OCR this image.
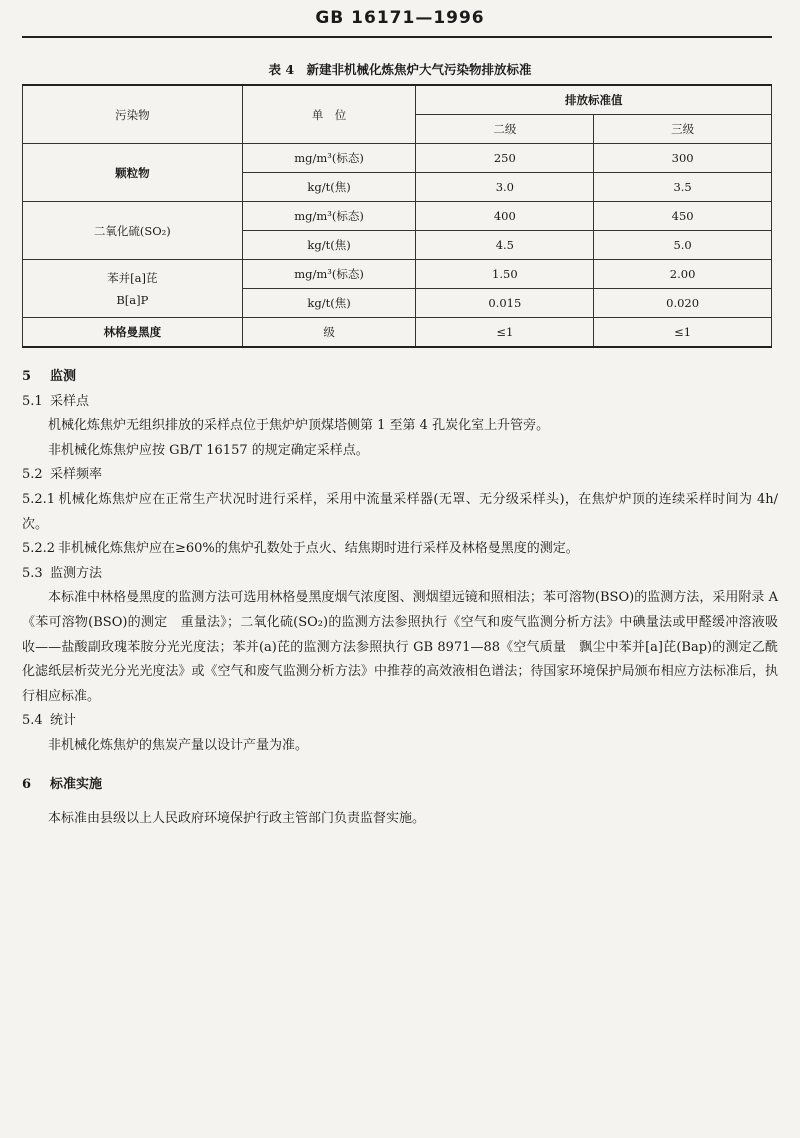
GB 16171—1996
表 4　新建非机械化炼焦炉大气污染物排放标准
污染物	单　位	排放标准值	
		二级	三级
颗粒物	mg/m³(标态)	250	300
	kg/t(焦)	3.0	3.5
二氧化硫(SO₂)	mg/m³(标态)	400	450
	kg/t(焦)	4.5	5.0
苯并[a]芘
B[a]P	mg/m³(标态)	1.50	2.00
	kg/t(焦)	0.015	0.020
林格曼黑度	级	≤1	≤1

5 监测

5.1 采样点

机械化炼焦炉无组织排放的采样点位于焦炉炉顶煤塔侧第 1 至第 4 孔炭化室上升管旁。

非机械化炼焦炉应按 GB/T 16157 的规定确定采样点。

5.2 采样频率

5.2.1 机械化炼焦炉应在正常生产状况时进行采样，采用中流量采样器(无罩、无分级采样头)，在焦炉炉顶的连续采样时间为 4h/次。

5.2.2 非机械化炼焦炉应在≥60%的焦炉孔数处于点火、结焦期时进行采样及林格曼黑度的测定。

5.3 监测方法

本标准中林格曼黑度的监测方法可选用林格曼黑度烟气浓度图、测烟望远镜和照相法；苯可溶物(BSO)的监测方法，采用附录 A《苯可溶物(BSO)的测定　重量法》；二氧化硫(SO₂)的监测方法参照执行《空气和废气监测分析方法》中碘量法或甲醛缓冲溶液吸收——盐酸副玫瑰苯胺分光光度法；苯并(a)芘的监测方法参照执行 GB 8971—88《空气质量　飘尘中苯并[a]芘(Bap)的测定乙酰化滤纸层析荧光分光光度法》或《空气和废气监测分析方法》中推荐的高效液相色谱法；待国家环境保护局颁布相应方法标准后，执行相应标准。

5.4 统计

非机械化炼焦炉的焦炭产量以设计产量为准。

6 标准实施

本标准由县级以上人民政府环境保护行政主管部门负责监督实施。
